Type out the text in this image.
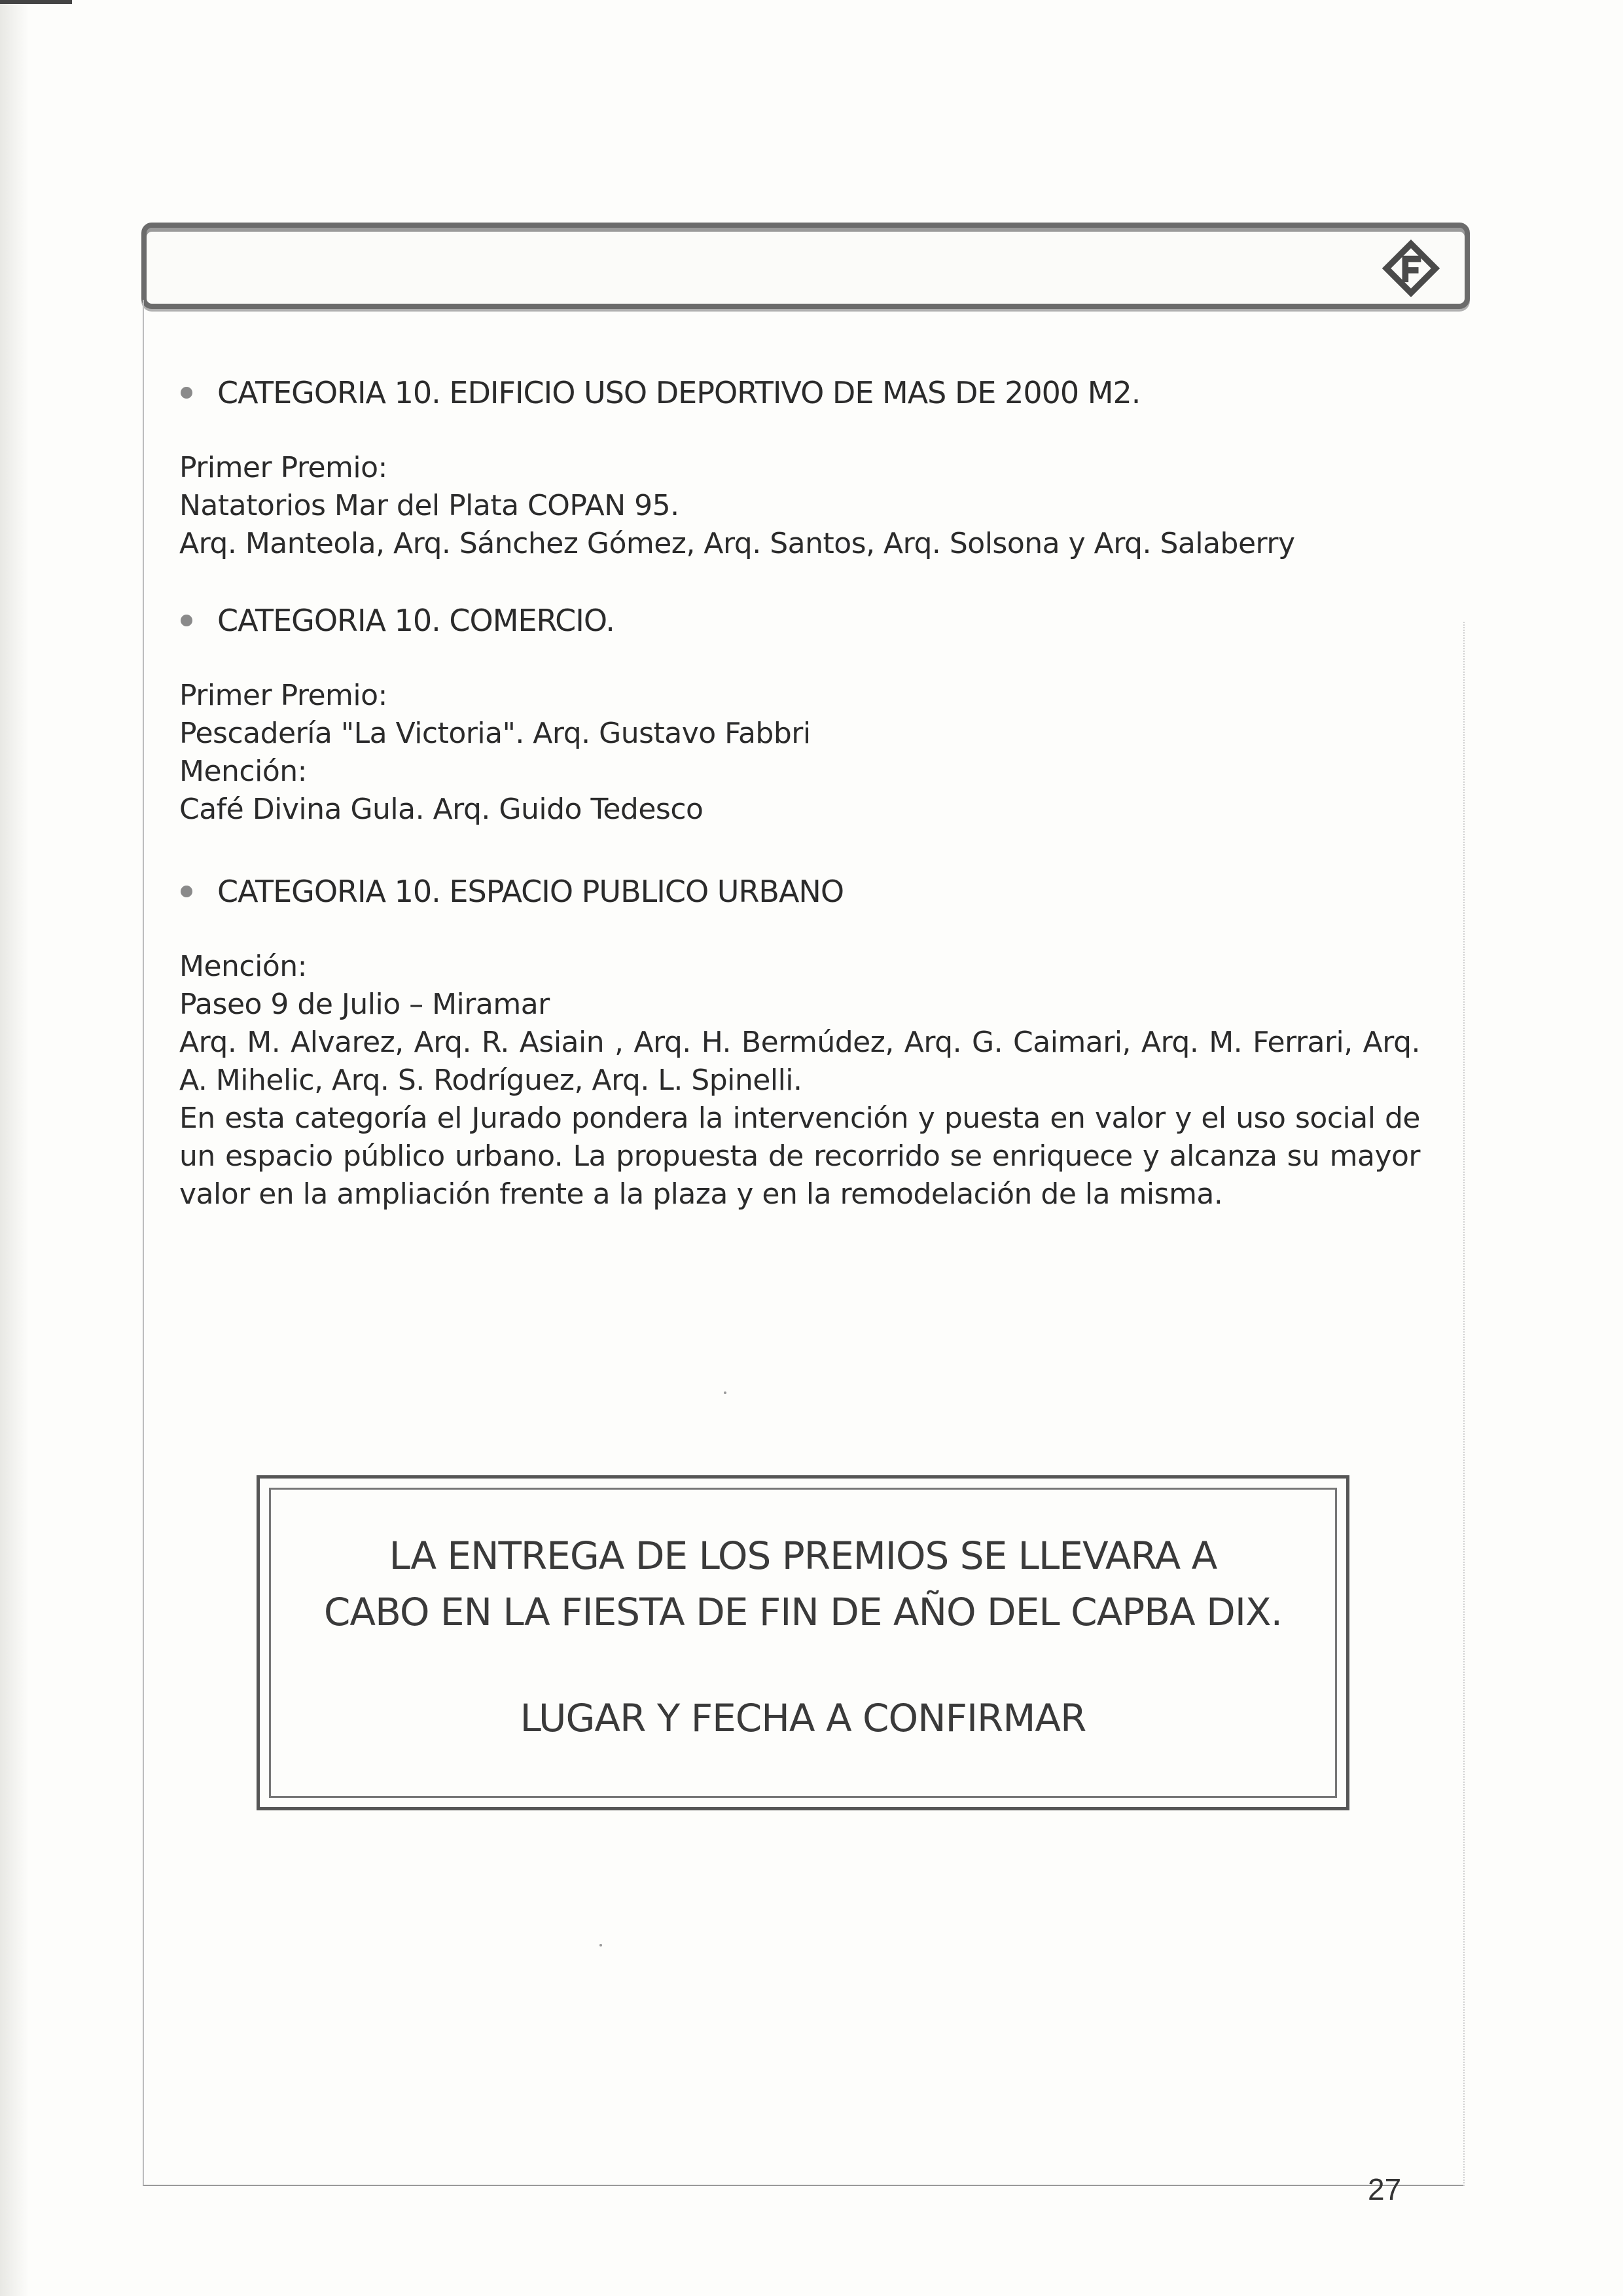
CATEGORIA 10. EDIFICIO USO DEPORTIVO DE MAS DE 2000 M2.
Primer Premio:
Natatorios Mar del Plata COPAN 95.
Arq. Manteola, Arq. Sánchez Gómez, Arq. Santos, Arq. Solsona y Arq. Salaberry
CATEGORIA 10. COMERCIO.
Primer Premio:
Pescadería "La Victoria". Arq. Gustavo Fabbri
Mención:
Café Divina Gula. Arq. Guido Tedesco
CATEGORIA 10. ESPACIO PUBLICO URBANO
Mención:
Paseo 9 de Julio – Miramar
Arq. M. Alvarez, Arq. R. Asiain , Arq. H. Bermúdez, Arq. G. Caimari, Arq. M. Ferrari, Arq. A. Mihelic, Arq. S. Rodríguez, Arq. L. Spinelli.
En esta categoría el Jurado pondera la intervención y puesta en valor y el uso social de un espacio público urbano. La propuesta de recorrido se enriquece y alcanza su mayor valor en la ampliación frente a la plaza y en la remodelación de la misma.
LA ENTREGA DE LOS PREMIOS SE LLEVARA A
CABO EN LA FIESTA DE FIN DE AÑO DEL CAPBA DIX.
LUGAR Y FECHA A CONFIRMAR
27
